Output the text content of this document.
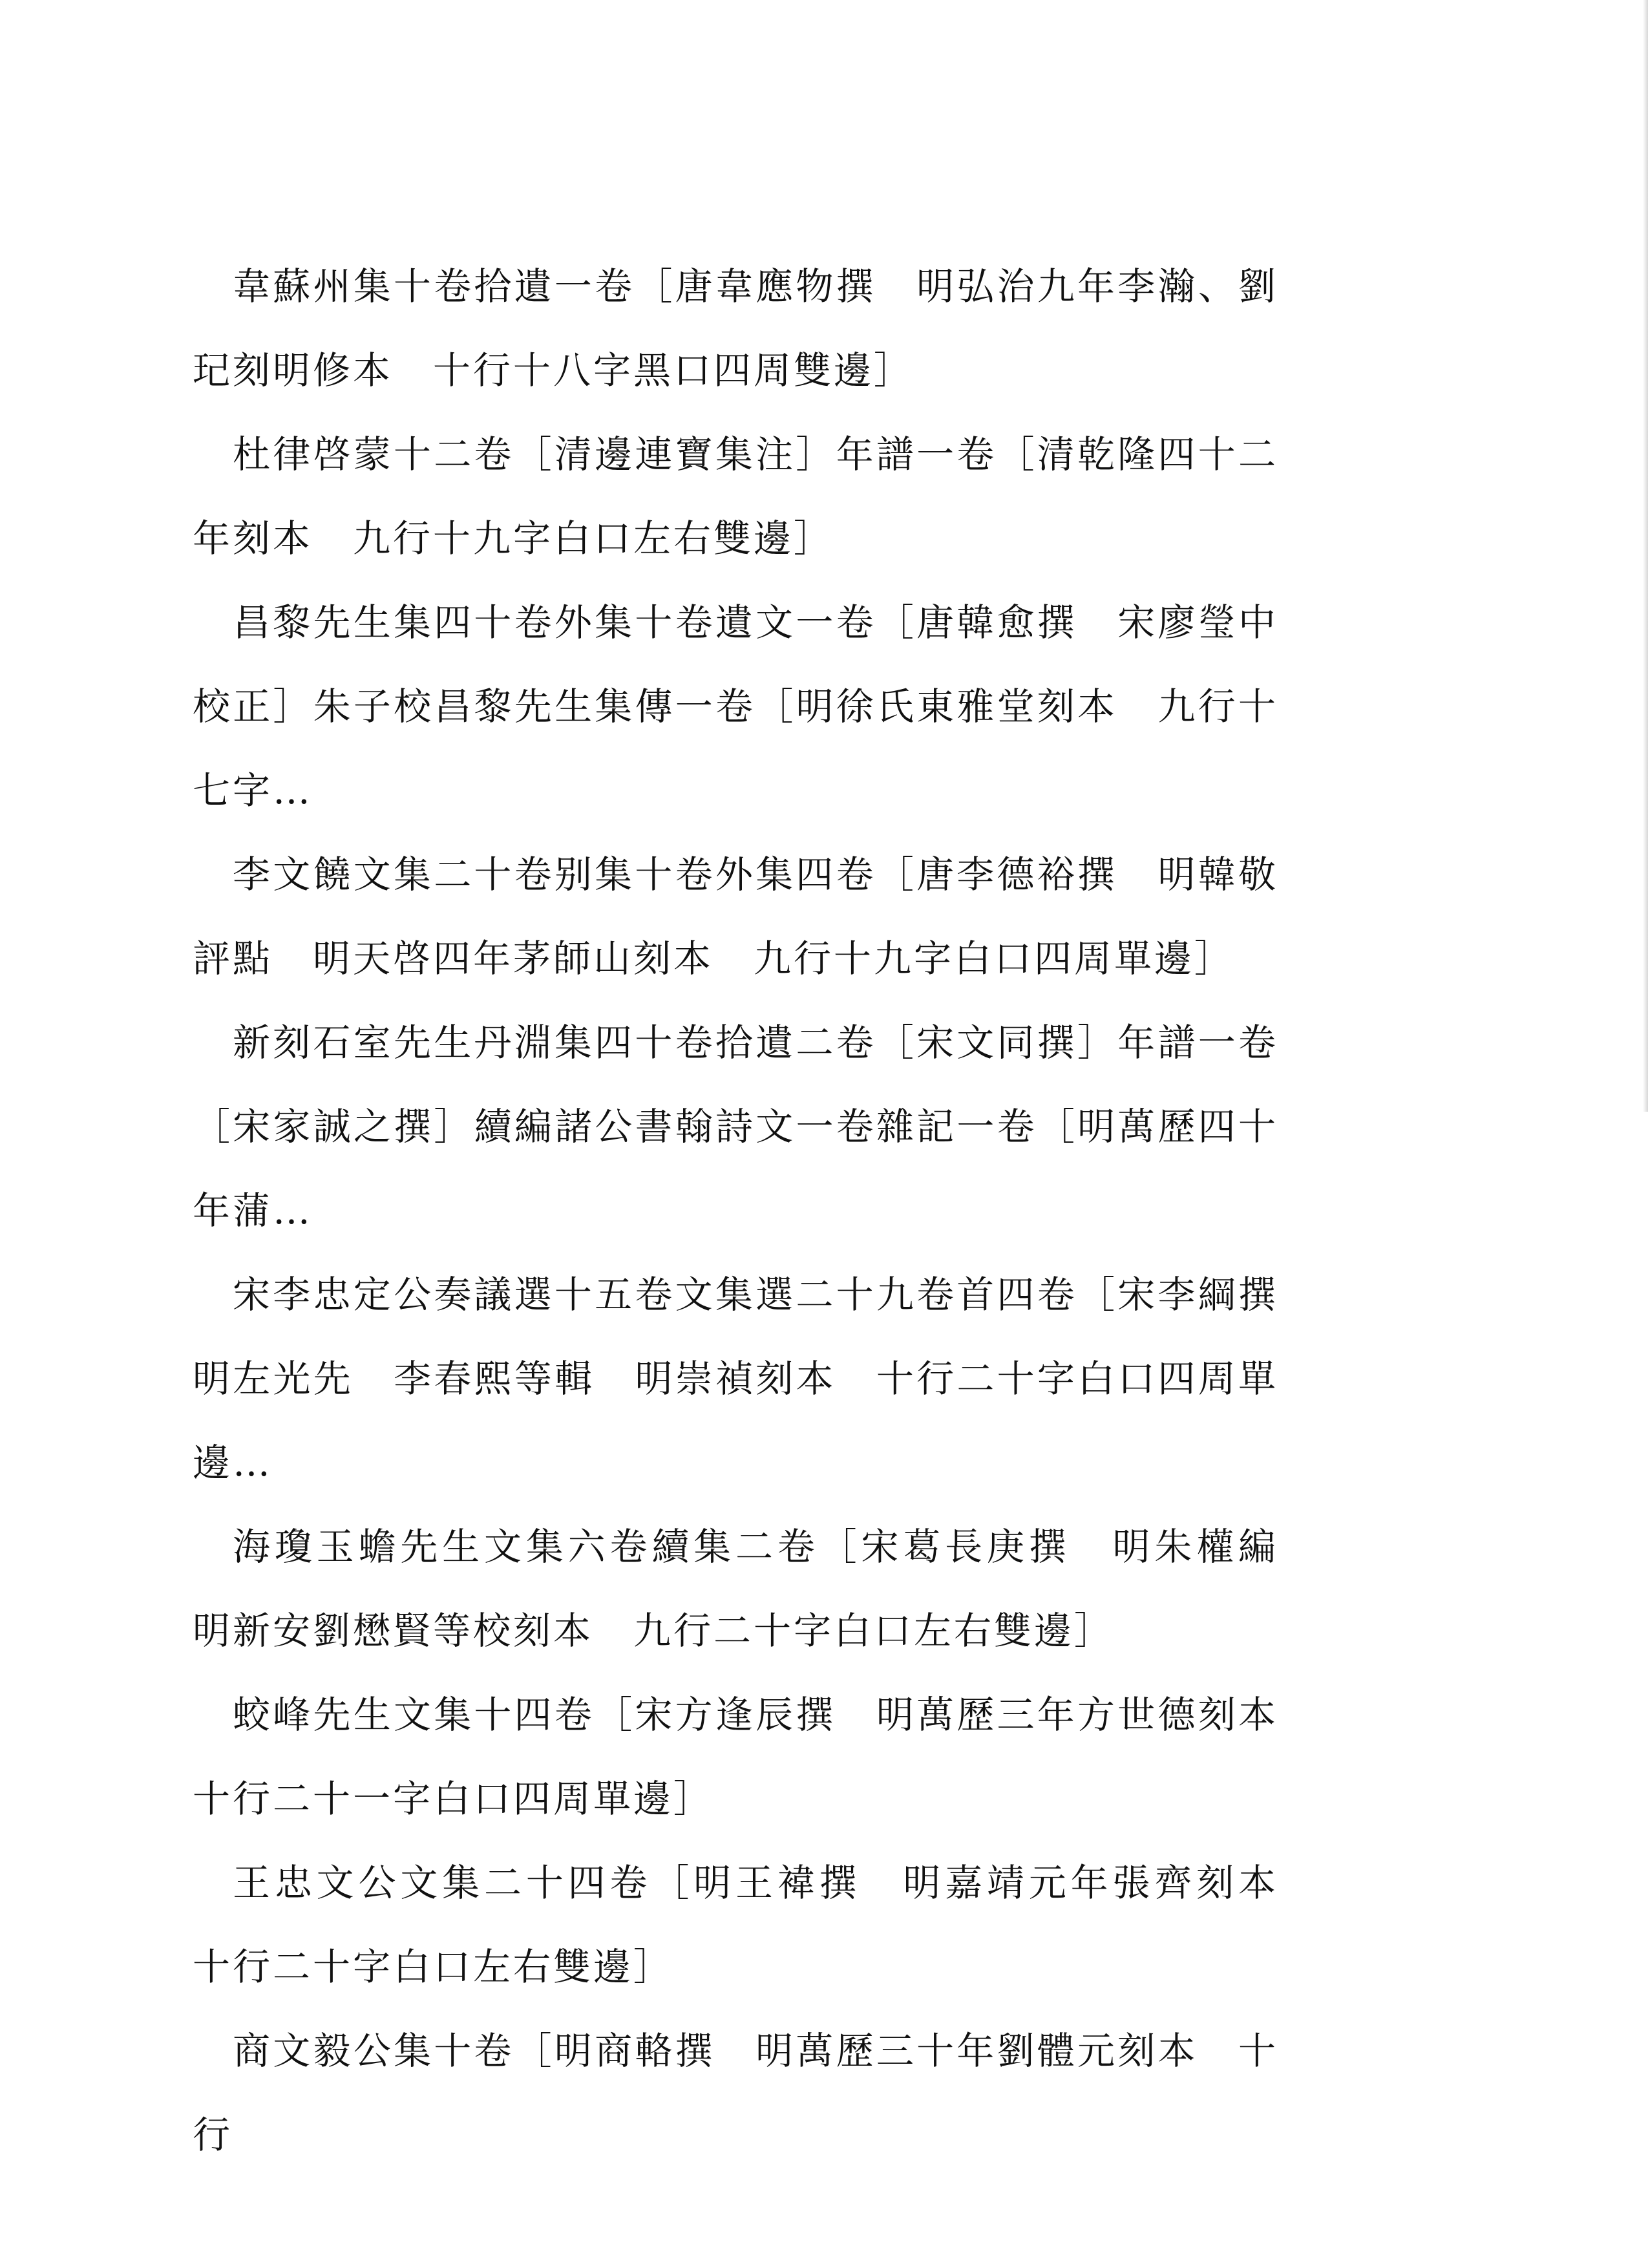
韋蘇州集十卷拾遺一卷［唐韋應物撰　明弘治九年李瀚、劉玘刻明修本　十行十八字黑口四周雙邊］

杜律啓蒙十二卷［清邊連寶集注］年譜一卷［清乾隆四十二年刻本　九行十九字白口左右雙邊］

昌黎先生集四十卷外集十卷遺文一卷［唐韓愈撰　宋廖瑩中校正］朱子校昌黎先生集傳一卷［明徐氏東雅堂刻本　九行十七字…

李文饒文集二十卷别集十卷外集四卷［唐李德裕撰　明韓敬評點　明天啓四年茅師山刻本　九行十九字白口四周單邊］

新刻石室先生丹淵集四十卷拾遺二卷［宋文同撰］年譜一卷［宋家誠之撰］續編諸公書翰詩文一卷雜記一卷［明萬歷四十年蒲…

宋李忠定公奏議選十五卷文集選二十九卷首四卷［宋李綱撰　明左光先　李春熙等輯　明崇禎刻本　十行二十字白口四周單邊…

海瓊玉蟾先生文集六卷續集二卷［宋葛長庚撰　明朱權編　明新安劉懋賢等校刻本　九行二十字白口左右雙邊］

蛟峰先生文集十四卷［宋方逢辰撰　明萬歷三年方世德刻本　十行二十一字白口四周單邊］

王忠文公文集二十四卷［明王褘撰　明嘉靖元年張齊刻本　十行二十字白口左右雙邊］

商文毅公集十卷［明商輅撰　明萬歷三十年劉體元刻本　十行
